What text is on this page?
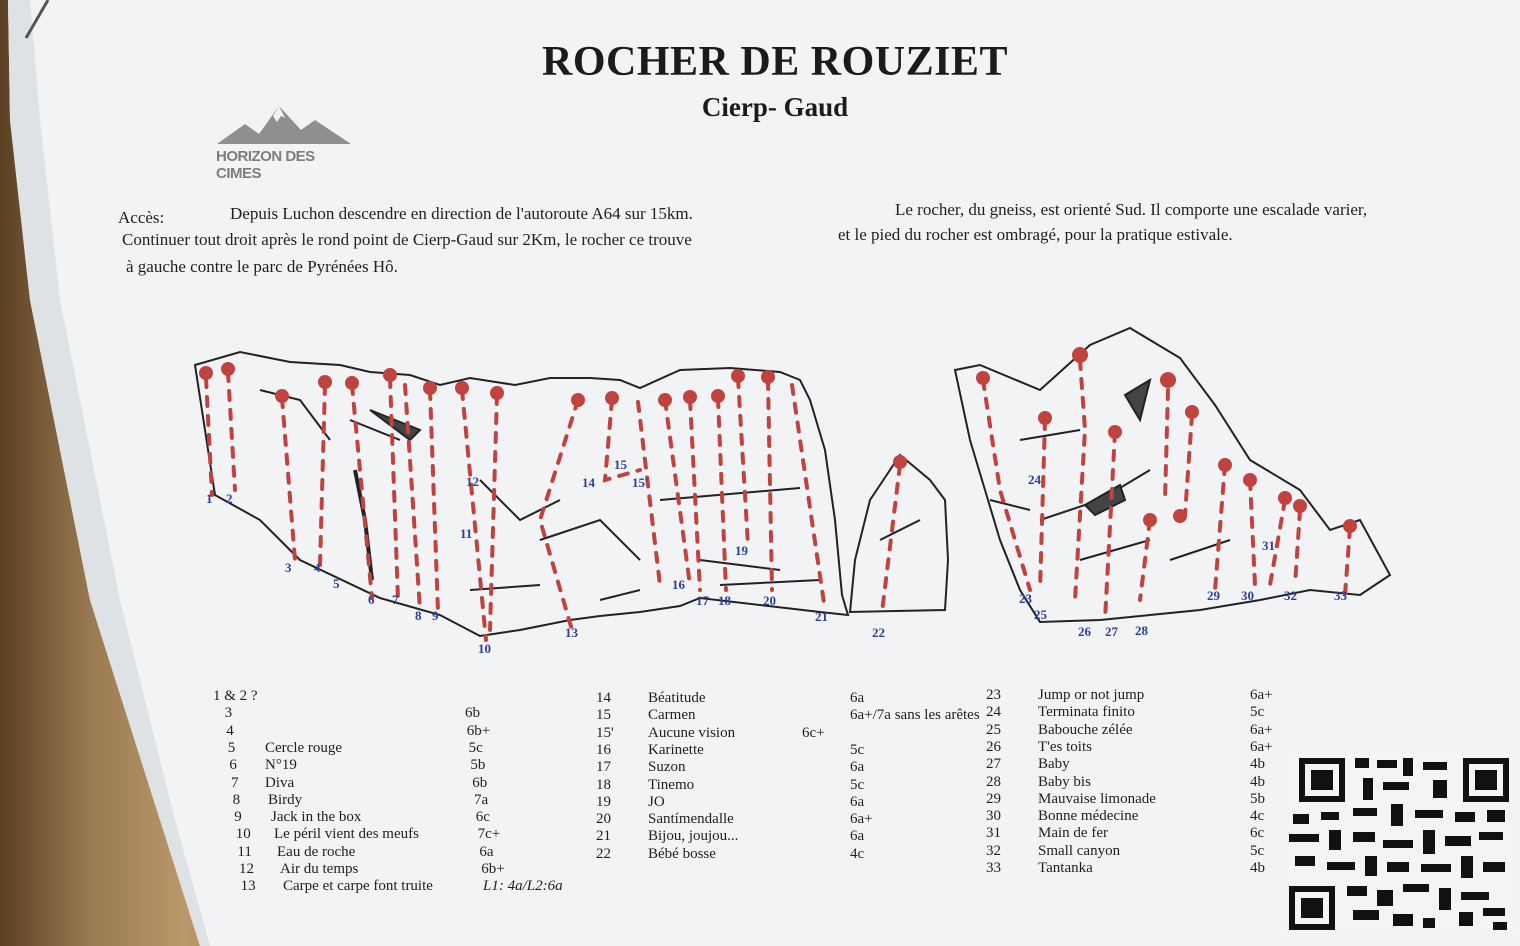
ROCHER DE ROUZIET
Cierp- Gaud
HORIZON DES CIMES
Accès:	Depuis Luchon descendre en direction de l'autoroute A64 sur 15km.
Continuer tout droit après le rond point de Cierp-Gaud sur 2Km, le rocher ce trouve
à gauche contre le parc de Pyrénées Hô.
Le rocher, du gneiss, est orienté Sud. Il comporte une escalade varier,
et le pied du rocher est ombragé, pour la pratique estivale.
1 2
3 4
5
6 7
8 9
10
11
12
13
14
15
15'
16
17 18
19
20
21
22
23
24
25
26 27 28
29 30
31
32	33
1 & 2 ?
3	6b
4	6b+
5 Cercle rouge	5c
6 N°19	5b
7 Diva	6b
8 Birdy	7a
9 Jack in the box	6c
10 Le péril vient des meufs	7c+
11 Eau de roche	6a
12 Air du temps	6b+
13 Carpe et carpe font truite	L1: 4a/L2:6a
14 Béatitude	6a
15 Carmen	6a+/7a sans les arêtes
15' Aucune vision	6c+
16 Karinette	5c
17 Suzon	6a
18 Tinemo	5c
19 JO	6a
20 Santímendalle	6a+
21 Bijou, joujou...	6a
22 Bébé bosse	4c
23 Jump or not jump	6a+
24 Terminata finito	5c
25 Babouche zélée	6a+
26 T'es toits	6a+
27 Baby	4b
28 Baby bis	4b
29 Mauvaise limonade	5b
30 Bonne médecine	4c
31 Main de fer	6c
32 Small canyon	5c
33 Tantanka	4b
